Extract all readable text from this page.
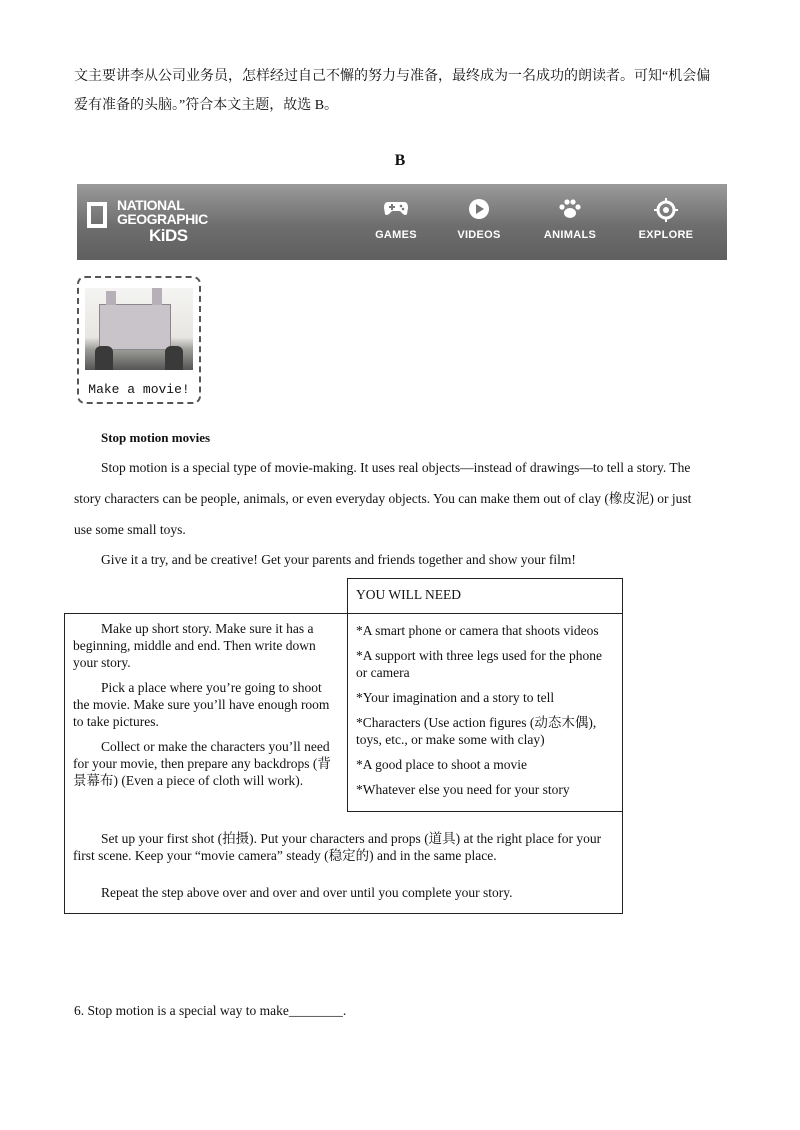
文主要讲李从公司业务员，怎样经过自己不懈的努力与准备，最终成为一名成功的朗读者。可知“机会偏

爱有准备的头脑。”符合本文主题，故选 B。

B
NATIONAL
GEOGRAPHIC
KiDS	GAMES	VIDEOS	ANIMALS	EXPLORE
Make a movie!
Stop motion movies

Stop motion is a special type of movie-making. It uses real objects—instead of drawings—to tell a story. The

story characters can be people, animals, or even everyday objects. You can make them out of clay (橡皮泥) or just

use some small toys.

Give it a try, and be creative! Get your parents and friends together and show your film!

Make up short story. Make sure it has a beginning, middle and end. Then write down your story.

Pick a place where you’re going to shoot the movie. Make sure you’ll have enough room to take pictures.

Collect or make the characters you’ll need for your movie, then prepare any backdrops (背景幕布) (Even a piece of cloth will work).

Set up your first shot (拍摄). Put your characters and props (道具) at the right place for your first scene. Keep your “movie camera” steady (稳定的) and in the same place.

Repeat the step above over and over and over until you complete your story.

YOU WILL NEED
*A smart phone or camera that shoots videos
*A support with three legs used for the phone or camera
*Your imagination and a story to tell
*Characters (Use action figures (动态木偶), toys, etc., or make some with clay)
*A good place to shoot a movie
*Whatever else you need for your story
6. Stop motion is a special way to make________.
